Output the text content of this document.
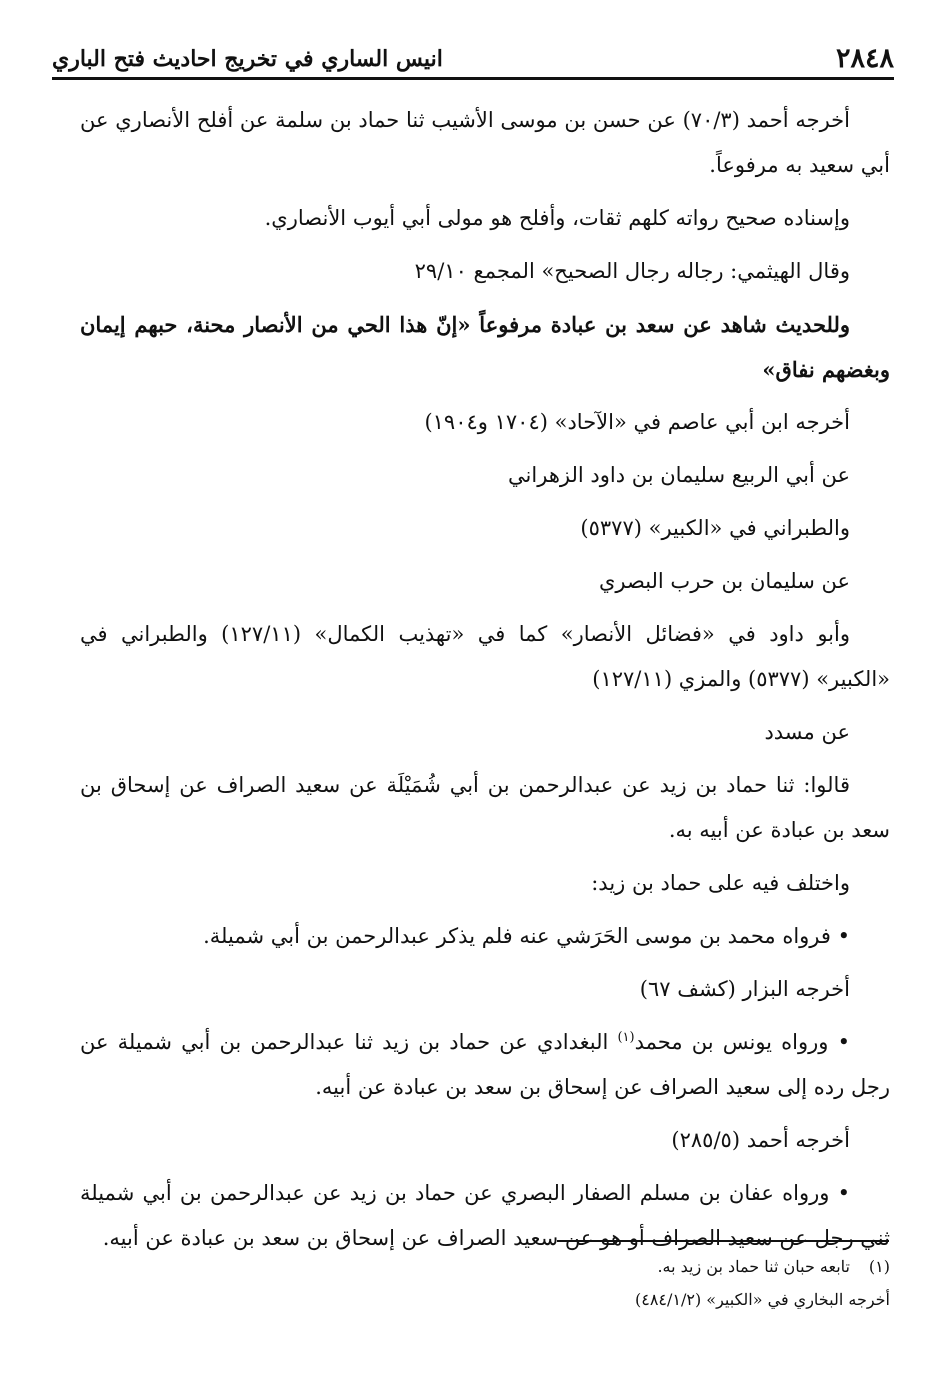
٢٨٤٨
انيس الساري في تخريج احاديث فتح الباري

أخرجه أحمد (٧٠/٣) عن حسن بن موسى الأشيب ثنا حماد بن سلمة عن أفلح الأنصاري عن أبي سعيد به مرفوعاً.

وإسناده صحيح رواته كلهم ثقات، وأفلح هو مولى أبي أيوب الأنصاري.

وقال الهيثمي: رجاله رجال الصحيح» المجمع ٢٩/١٠

وللحديث شاهد عن سعد بن عبادة مرفوعاً «إنّ هذا الحي من الأنصار محنة، حبهم إيمان وبغضهم نفاق»

أخرجه ابن أبي عاصم في «الآحاد» (١٧٠٤ و١٩٠٤)

عن أبي الربيع سليمان بن داود الزهراني

والطبراني في «الكبير» (٥٣٧٧)

عن سليمان بن حرب البصري

وأبو داود في «فضائل الأنصار» كما في «تهذيب الكمال» (١٢٧/١١) والطبراني في «الكبير» (٥٣٧٧) والمزي (١٢٧/١١)

عن مسدد

قالوا: ثنا حماد بن زيد عن عبدالرحمن بن أبي شُمَيْلَة عن سعيد الصراف عن إسحاق بن سعد بن عبادة عن أبيه به.

واختلف فيه على حماد بن زيد:

• فرواه محمد بن موسى الحَرَشي عنه فلم يذكر عبدالرحمن بن أبي شميلة.

أخرجه البزار (كشف ٦٧)

• ورواه يونس بن محمد$^{(١)}$ البغدادي عن حماد بن زيد ثنا عبدالرحمن بن أبي شميلة عن رجل رده إلى سعيد الصراف عن إسحاق بن سعد بن عبادة عن أبيه.

أخرجه أحمد (٢٨٥/٥)

• ورواه عفان بن مسلم الصفار البصري عن حماد بن زيد عن عبدالرحمن بن أبي شميلة ثني رجل عن سعيد الصراف أو هو عن سعيد الصراف عن إسحاق بن سعد بن عبادة عن أبيه.

(١)تابعه حبان ثنا حماد بن زيد به.

أخرجه البخاري في «الكبير» (٤٨٤/١/٢)
